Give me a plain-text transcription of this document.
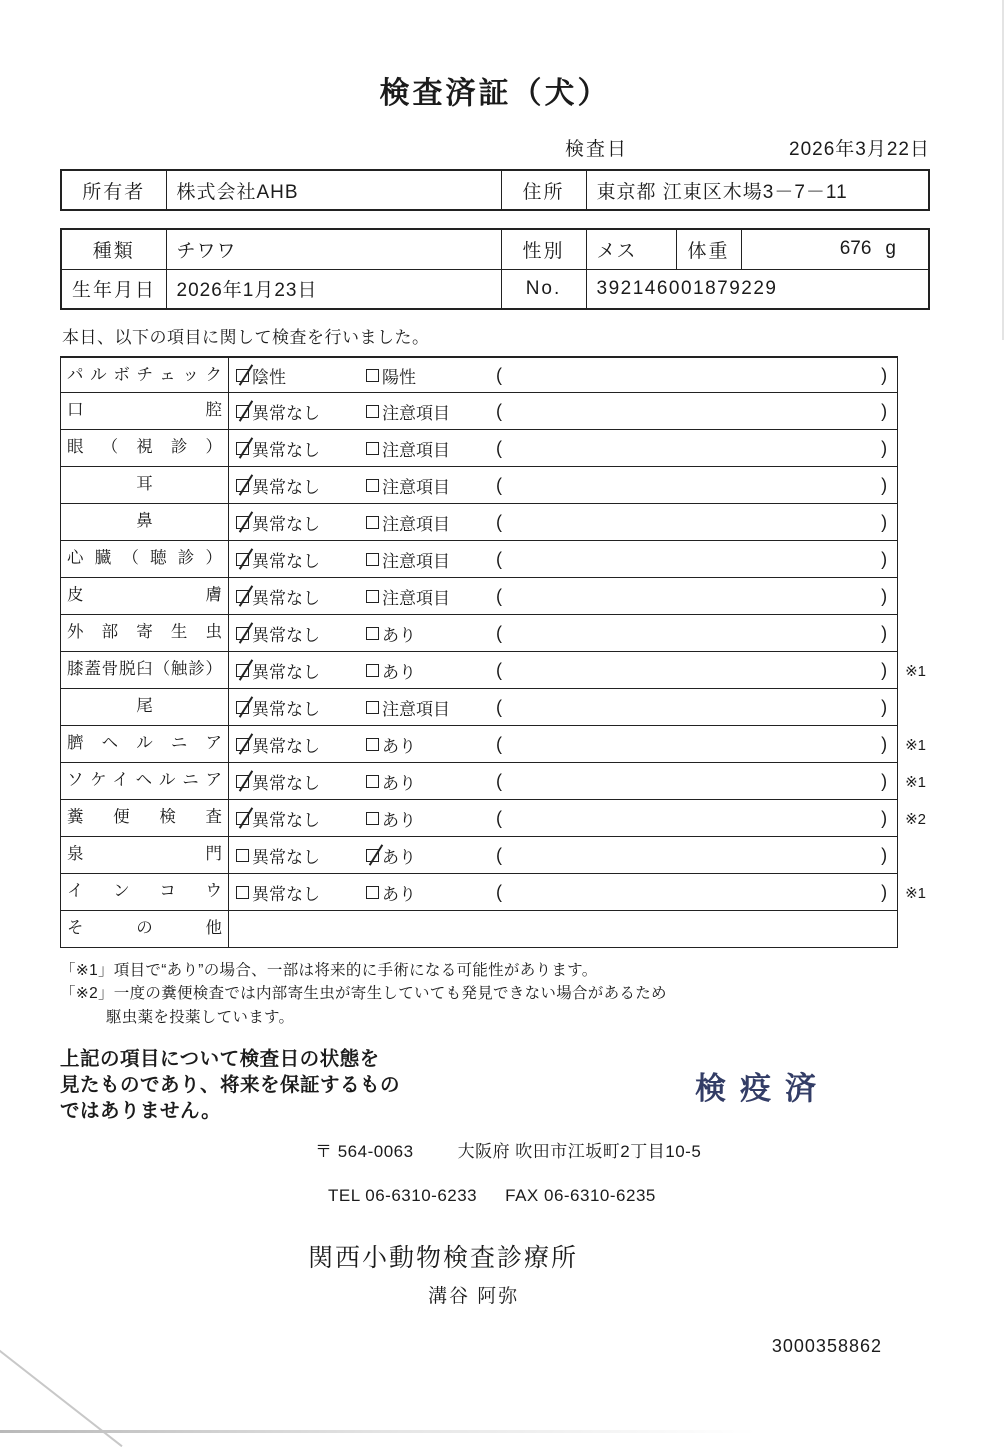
検査済証（犬）
検査日	2026年3月22日
所有者	株式会社AHB	住所	東京都 江東区木場3－7－11
種類	チワワ	性別	メス	体重	676 g

生年月日	2026年1月23日	No.	392146001879229		
本日、以下の項目に関して検査を行いました。
パルボチェック	陰性	陽性	(	)
口腔	異常なし	注意項目	(	)
眼（視診）	異常なし	注意項目	(	)
耳	異常なし	注意項目	(	)
鼻	異常なし	注意項目	(	)
心臓（聴診）	異常なし	注意項目	(	)
皮膚	異常なし	注意項目	(	)
外部寄生虫	異常なし	あり	(	)
膝蓋骨脱臼（触診）	異常なし	あり	(	)	※1
尾	異常なし	注意項目	(	)
臍ヘルニア	異常なし	あり	(	)	※1
ソケイヘルニア	異常なし	あり	(	)	※1
糞便検査	異常なし	あり	(	)	※2
泉門	異常なし	あり	(	)
インコウ	異常なし	あり	(	)	※1
その他
「※1」項目で“あり”の場合、一部は将来的に手術になる可能性があります。
「※2」一度の糞便検査では内部寄生虫が寄生していても発見できない場合があるため
駆虫薬を投薬しています。
上記の項目について検査日の状態を
見たものであり、将来を保証するもの
ではありません。
検疫済
〒 564-0063	大阪府 吹田市江坂町2丁目10-5
TEL 06-6310-6233 FAX 06-6310-6235
関西小動物検査診療所
溝谷 阿弥
3000358862
